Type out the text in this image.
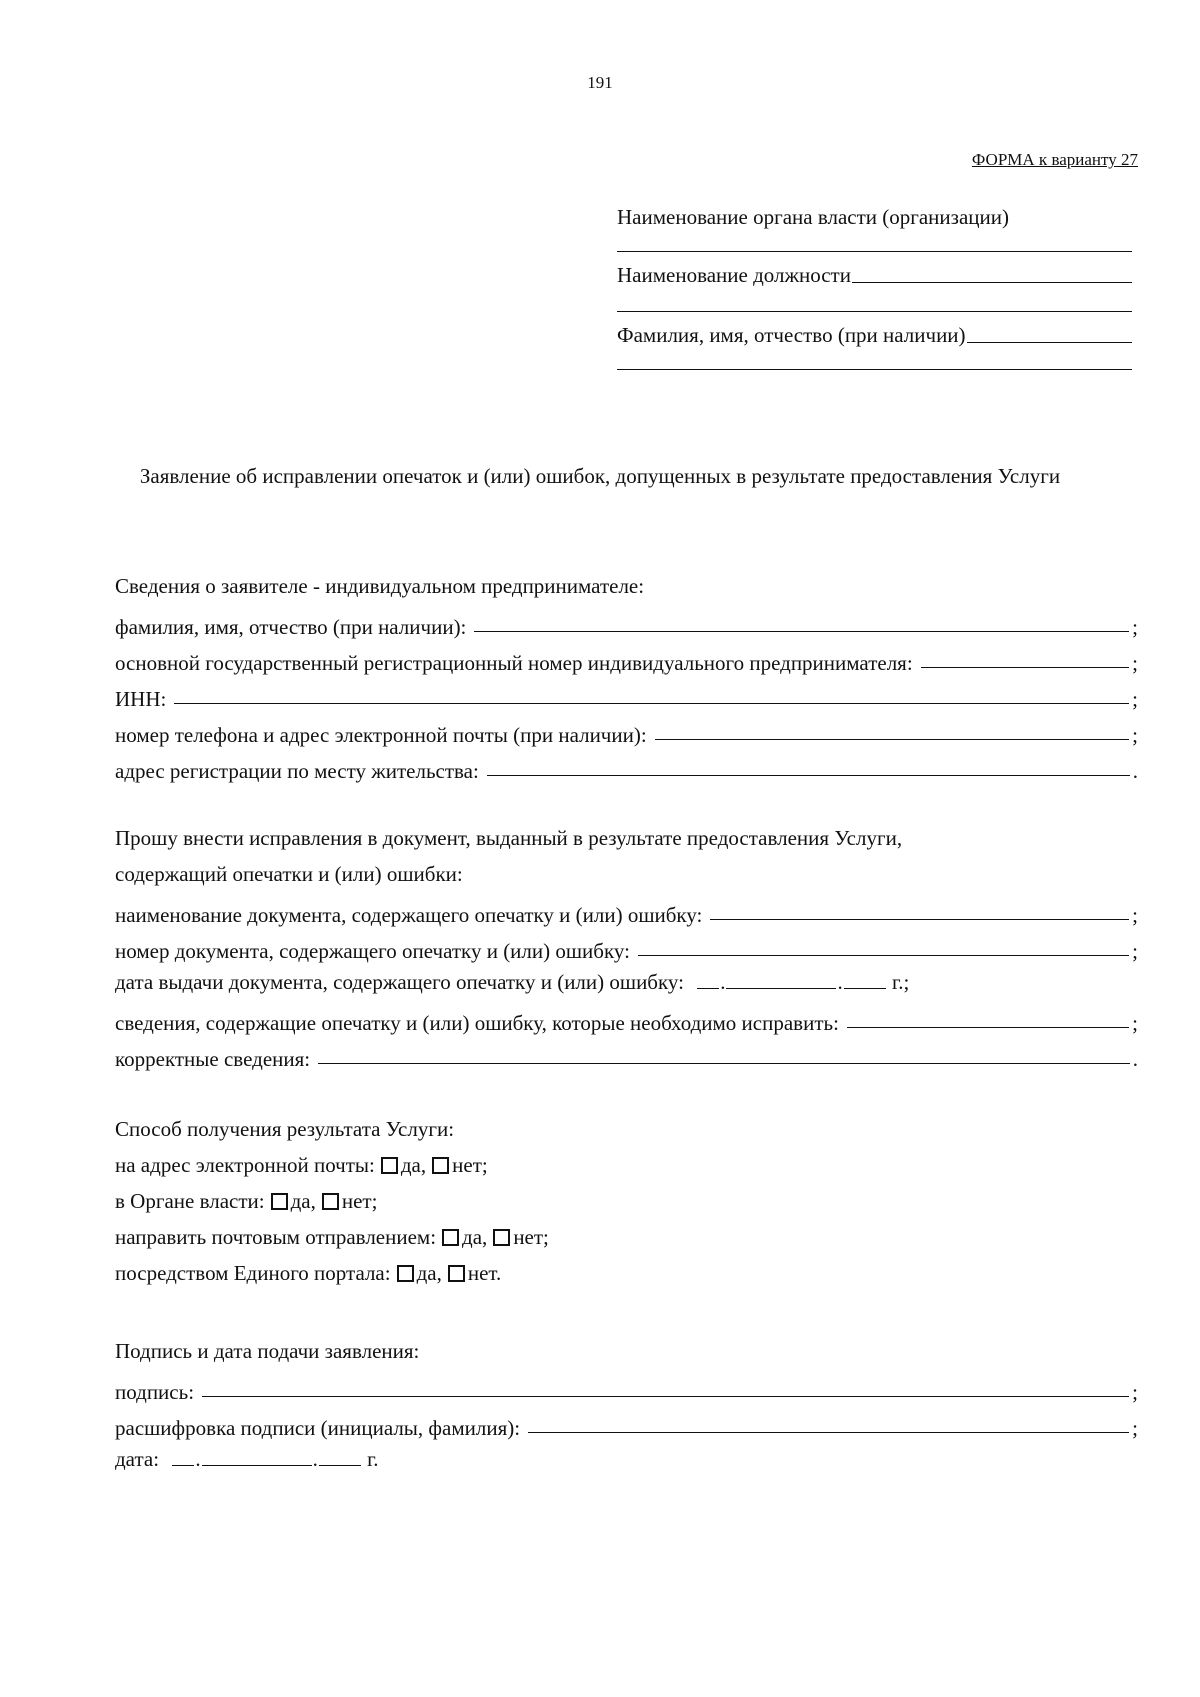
191
ФОРМА к варианту 27
Наименование органа власти (организации)
Наименование должности
Фамилия, имя, отчество (при наличии)
Заявление об исправлении опечаток и (или) ошибок, допущенных в результате предоставления Услуги
Сведения о заявителе - индивидуальном предпринимателе:
фамилия, имя, отчество (при наличии):	;
основной государственный регистрационный номер индивидуального предпринимателя:	;
ИНН:	;
номер телефона и адрес электронной почты (при наличии):	;
адрес регистрации по месту жительства:	.
Прошу внести исправления в документ, выданный в результате предоставления Услуги,
содержащий опечатки и (или) ошибки:
наименование документа, содержащего опечатку и (или) ошибку:	;
номер документа, содержащего опечатку и (или) ошибку:	;
дата выдачи документа, содержащего опечатку и (или) ошибку: .	. г.;
сведения, содержащие опечатку и (или) ошибку, которые необходимо исправить:	;
корректные сведения:	.
Способ получения результата Услуги:
на адрес электронной почты: да, нет;
в Органе власти: да, нет;
направить почтовым отправлением: да, нет;
посредством Единого портала: да, нет.
Подпись и дата подачи заявления:
подпись:	;
расшифровка подписи (инициалы, фамилия):	;
дата: .	. г.
